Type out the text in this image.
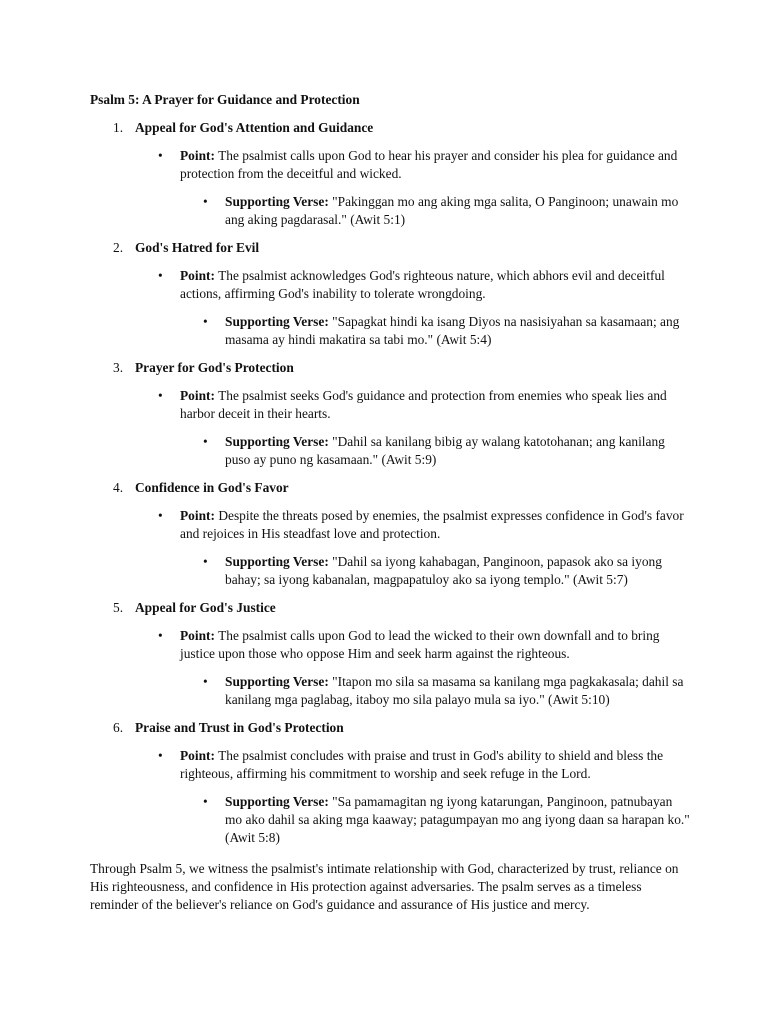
Psalm 5: A Prayer for Guidance and Protection
1. Appeal for God's Attention and Guidance
•
Point: The psalmist calls upon God to hear his prayer and consider his plea for guidance and protection from the deceitful and wicked.
•
Supporting Verse: "Pakinggan mo ang aking mga salita, O Panginoon; unawain mo ang aking pagdarasal." (Awit 5:1)
2. God's Hatred for Evil
•
Point: The psalmist acknowledges God's righteous nature, which abhors evil and deceitful actions, affirming God's inability to tolerate wrongdoing.
•
Supporting Verse: "Sapagkat hindi ka isang Diyos na nasisiyahan sa kasamaan; ang masama ay hindi makatira sa tabi mo." (Awit 5:4)
3. Prayer for God's Protection
•
Point: The psalmist seeks God's guidance and protection from enemies who speak lies and harbor deceit in their hearts.
•
Supporting Verse: "Dahil sa kanilang bibig ay walang katotohanan; ang kanilang puso ay puno ng kasamaan." (Awit 5:9)
4. Confidence in God's Favor
•
Point: Despite the threats posed by enemies, the psalmist expresses confidence in God's favor and rejoices in His steadfast love and protection.
•
Supporting Verse: "Dahil sa iyong kahabagan, Panginoon, papasok ako sa iyong bahay; sa iyong kabanalan, magpapatuloy ako sa iyong templo." (Awit 5:7)
5. Appeal for God's Justice
•
Point: The psalmist calls upon God to lead the wicked to their own downfall and to bring justice upon those who oppose Him and seek harm against the righteous.
•
Supporting Verse: "Itapon mo sila sa masama sa kanilang mga pagkakasala; dahil sa kanilang mga paglabag, itaboy mo sila palayo mula sa iyo." (Awit 5:10)
6. Praise and Trust in God's Protection
•
Point: The psalmist concludes with praise and trust in God's ability to shield and bless the righteous, affirming his commitment to worship and seek refuge in the Lord.
•
Supporting Verse: "Sa pamamagitan ng iyong katarungan, Panginoon, patnubayan mo ako dahil sa aking mga kaaway; patagumpayan mo ang iyong daan sa harapan ko." (Awit 5:8)
Through Psalm 5, we witness the psalmist's intimate relationship with God, characterized by trust, reliance on His righteousness, and confidence in His protection against adversaries. The psalm serves as a timeless reminder of the believer's reliance on God's guidance and assurance of His justice and mercy.
